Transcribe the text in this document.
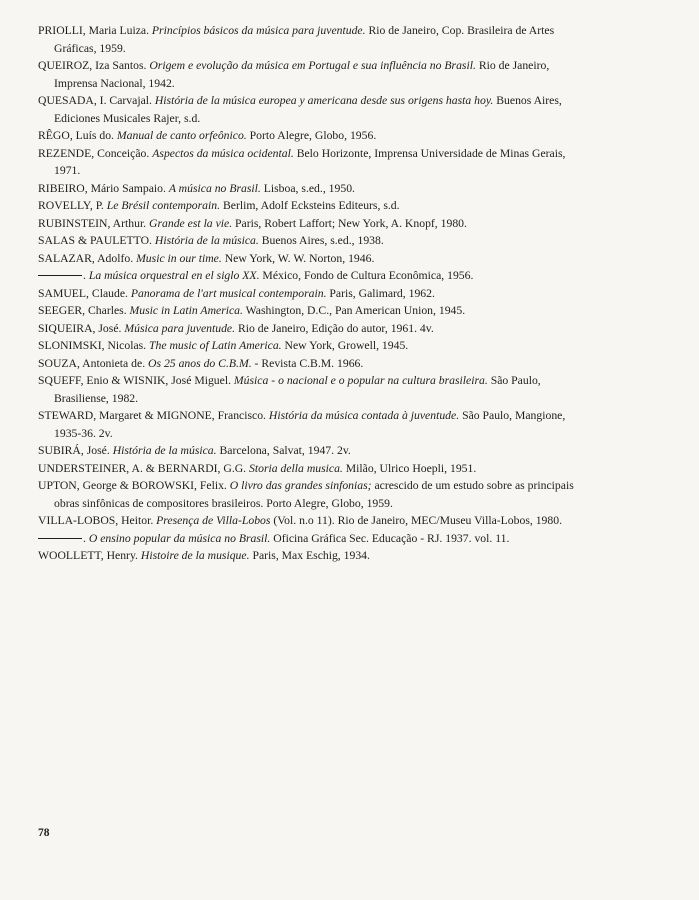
PRIOLLI, Maria Luiza. Princípios básicos da música para juventude. Rio de Janeiro, Cop. Brasileira de Artes Gráficas, 1959.
QUEIROZ, Iza Santos. Origem e evolução da música em Portugal e sua influência no Brasil. Rio de Janeiro, Imprensa Nacional, 1942.
QUESADA, I. Carvajal. História de la música europea y americana desde sus origens hasta hoy. Buenos Aires, Ediciones Musicales Rajer, s.d.
RÊGO, Luís do. Manual de canto orfeônico. Porto Alegre, Globo, 1956.
REZENDE, Conceição. Aspectos da música ocidental. Belo Horizonte, Imprensa Universidade de Minas Gerais, 1971.
RIBEIRO, Mário Sampaio. A música no Brasil. Lisboa, s.ed., 1950.
ROVELLY, P. Le Brésil contemporain. Berlim, Adolf Ecksteins Editeurs, s.d.
RUBINSTEIN, Arthur. Grande est la vie. Paris, Robert Laffort; New York, A. Knopf, 1980.
SALAS & PAULETTO. História de la música. Buenos Aires, s.ed., 1938.
SALAZAR, Adolfo. Music in our time. New York, W. W. Norton, 1946.
. La música orquestral en el siglo XX. México, Fondo de Cultura Econômica, 1956.
SAMUEL, Claude. Panorama de l'art musical contemporain. Paris, Galimard, 1962.
SEEGER, Charles. Music in Latin America. Washington, D.C., Pan American Union, 1945.
SIQUEIRA, José. Música para juventude. Rio de Janeiro, Edição do autor, 1961. 4v.
SLONIMSKI, Nicolas. The music of Latin America. New York, Growell, 1945.
SOUZA, Antonieta de. Os 25 anos do C.B.M. - Revista C.B.M. 1966.
SQUEFF, Enio & WISNIK, José Miguel. Música - o nacional e o popular na cultura brasileira. São Paulo, Brasiliense, 1982.
STEWARD, Margaret & MIGNONE, Francisco. História da música contada à juventude. São Paulo, Mangione, 1935-36. 2v.
SUBIRÁ, José. História de la música. Barcelona, Salvat, 1947. 2v.
UNDERSTEINER, A. & BERNARDI, G.G. Storia della musica. Milão, Ulrico Hoepli, 1951.
UPTON, George & BOROWSKI, Felix. O livro das grandes sinfonias; acrescido de um estudo sobre as principais obras sinfônicas de compositores brasileiros. Porto Alegre, Globo, 1959.
VILLA-LOBOS, Heitor. Presença de Villa-Lobos (Vol. n.o 11). Rio de Janeiro, MEC/Museu Villa-Lobos, 1980.
. O ensino popular da música no Brasil. Oficina Gráfica Sec. Educação - RJ. 1937. vol. 11.
WOOLLETT, Henry. Histoire de la musique. Paris, Max Eschig, 1934.
78
